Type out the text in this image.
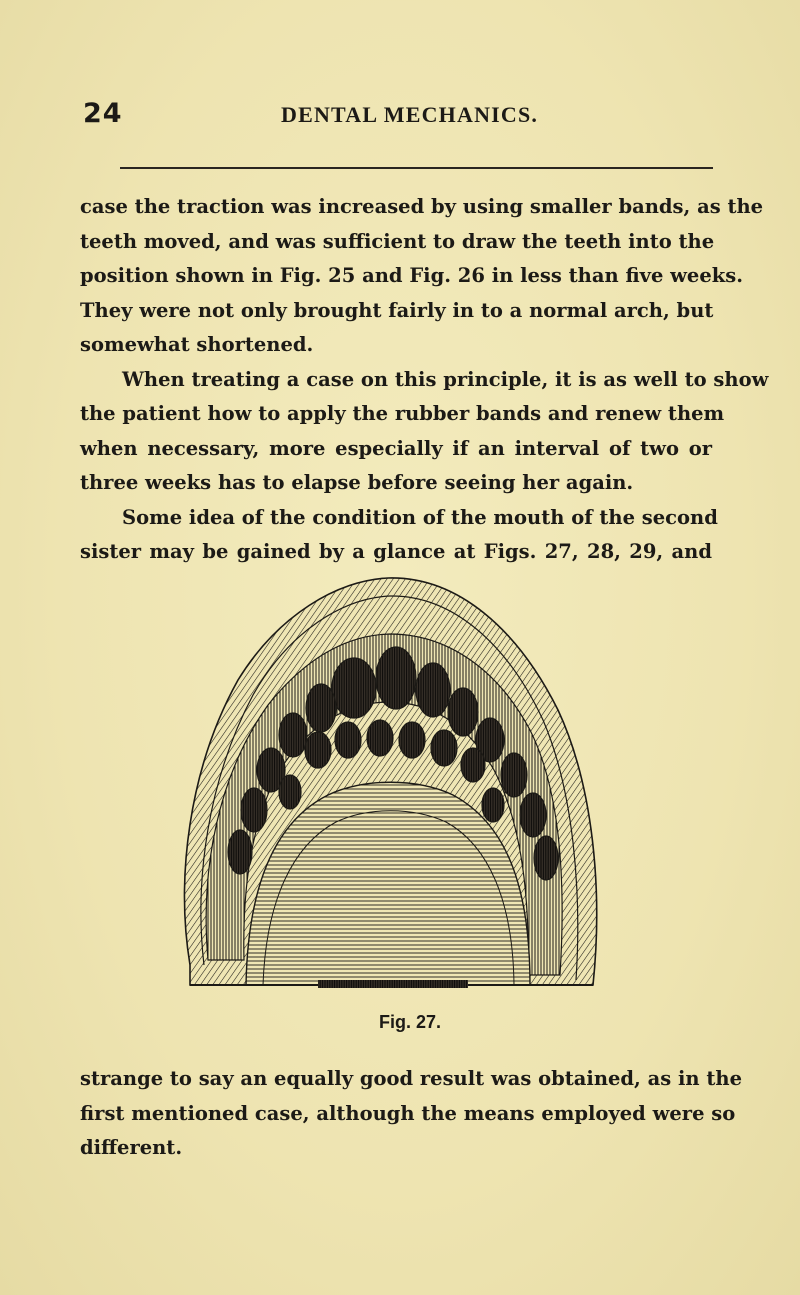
24	DENTAL MECHANICS.
case the traction was increased by using smaller bands, as the
teeth moved, and was sufficient to draw the teeth into the
position shown in Fig. 25 and Fig. 26 in less than five weeks.
They were not only brought fairly in to a normal arch, but
somewhat shortened.
When treating a case on this principle, it is as well to show
the patient how to apply the rubber bands and renew them
when necessary, more especially if an interval of two or
three weeks has to elapse before seeing her again.
Some idea of the condition of the mouth of the second
sister may be gained by a glance at Figs. 27, 28, 29, and
Fig. 27.
strange to say an equally good result was obtained, as in the
first mentioned case, although the means employed were so
different.
